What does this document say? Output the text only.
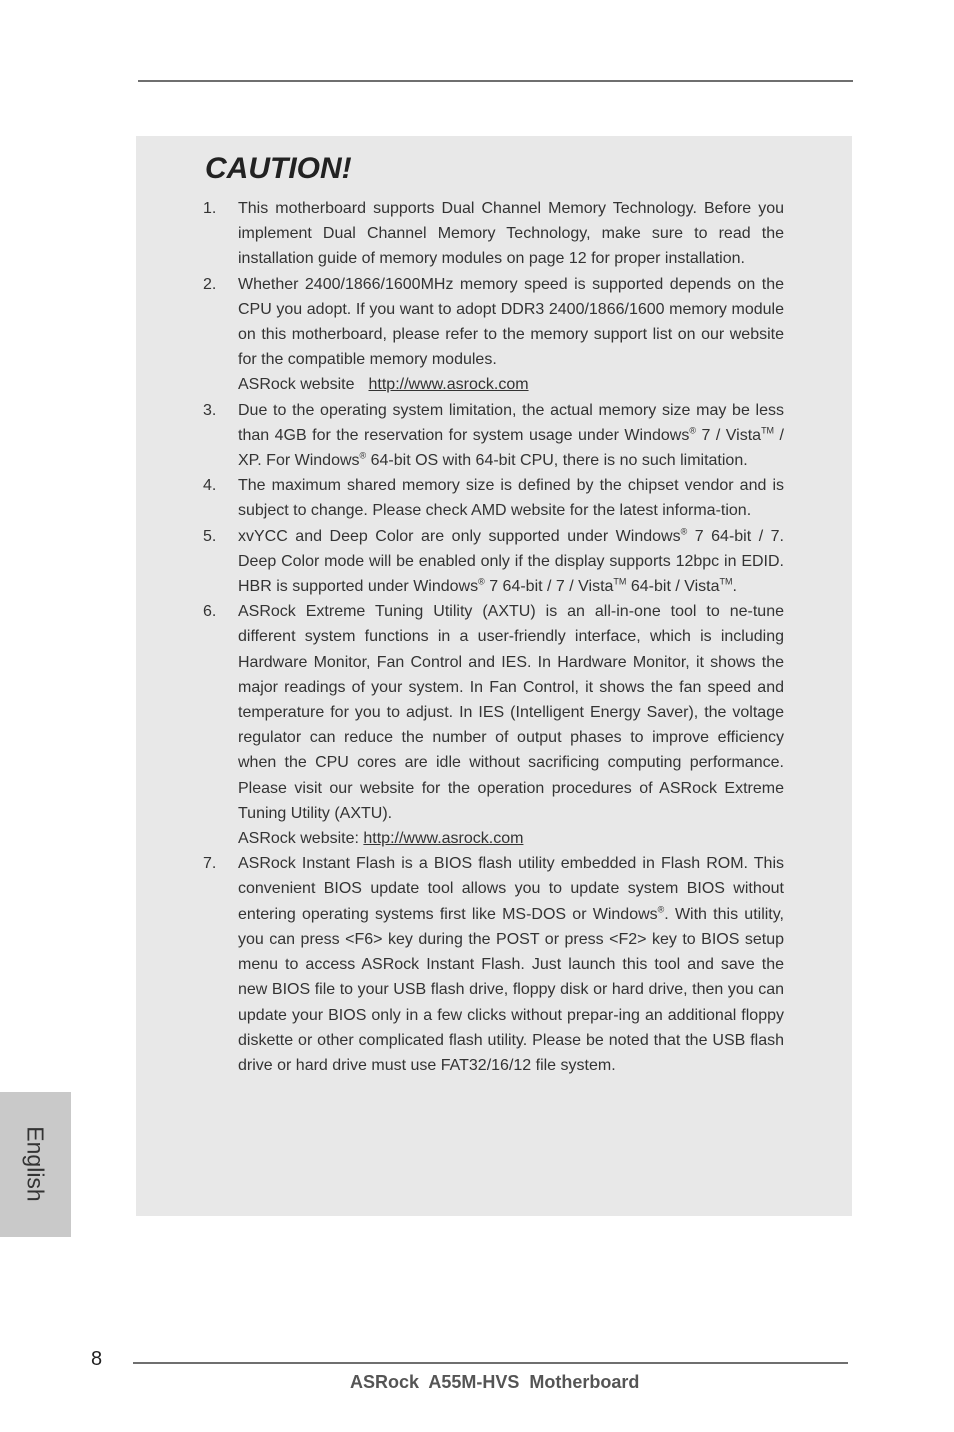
CAUTION!
1.	This motherboard supports Dual Channel Memory Technology. Before you implement Dual Channel Memory Technology, make sure to read the installation guide of memory modules on page 12 for proper installation.

2.	Whether 2400/1866/1600MHz memory speed is supported depends on the CPU you adopt. If you want to adopt DDR3 2400/1866/1600 memory module on this motherboard, please refer to the memory support list on our website for the compatible memory modules.

ASRock website http://www.asrock.com

3.	Due to the operating system limitation, the actual memory size may be less than 4GB for the reservation for system usage under Windows® 7 / Vista™ / XP. For Windows® 64-bit OS with 64-bit CPU, there is no such limitation.

4.	The maximum shared memory size is defined by the chipset vendor and is subject to change. Please check AMD website for the latest informa-tion.

5.	xvYCC and Deep Color are only supported under Windows® 7 64-bit / 7. Deep Color mode will be enabled only if the display supports 12bpc in EDID. HBR is supported under Windows® 7 64-bit / 7 / Vista™ 64-bit / Vista™.

6.	ASRock Extreme Tuning Utility (AXTU) is an all-in-one tool to ne-tune different system functions in a user-friendly interface, which is including Hardware Monitor, Fan Control and IES. In Hardware Monitor, it shows the major readings of your system. In Fan Control, it shows the fan speed and temperature for you to adjust. In IES (Intelligent Energy Saver), the voltage regulator can reduce the number of output phases to improve efficiency when the CPU cores are idle without sacrificing computing performance. Please visit our website for the operation procedures of ASRock Extreme Tuning Utility (AXTU).

ASRock website: http://www.asrock.com

7.	ASRock Instant Flash is a BIOS flash utility embedded in Flash ROM. This convenient BIOS update tool allows you to update system BIOS without entering operating systems first like MS-DOS or Windows®. With this utility, you can press <F6> key during the POST or press <F2> key to BIOS setup menu to access ASRock Instant Flash. Just launch this tool and save the new BIOS file to your USB flash drive, floppy disk or hard drive, then you can update your BIOS only in a few clicks without prepar-ing an additional floppy diskette or other complicated flash utility. Please be noted that the USB flash drive or hard drive must use FAT32/16/12 file system.

English
8
ASRock  A55M-HVS  Motherboard
